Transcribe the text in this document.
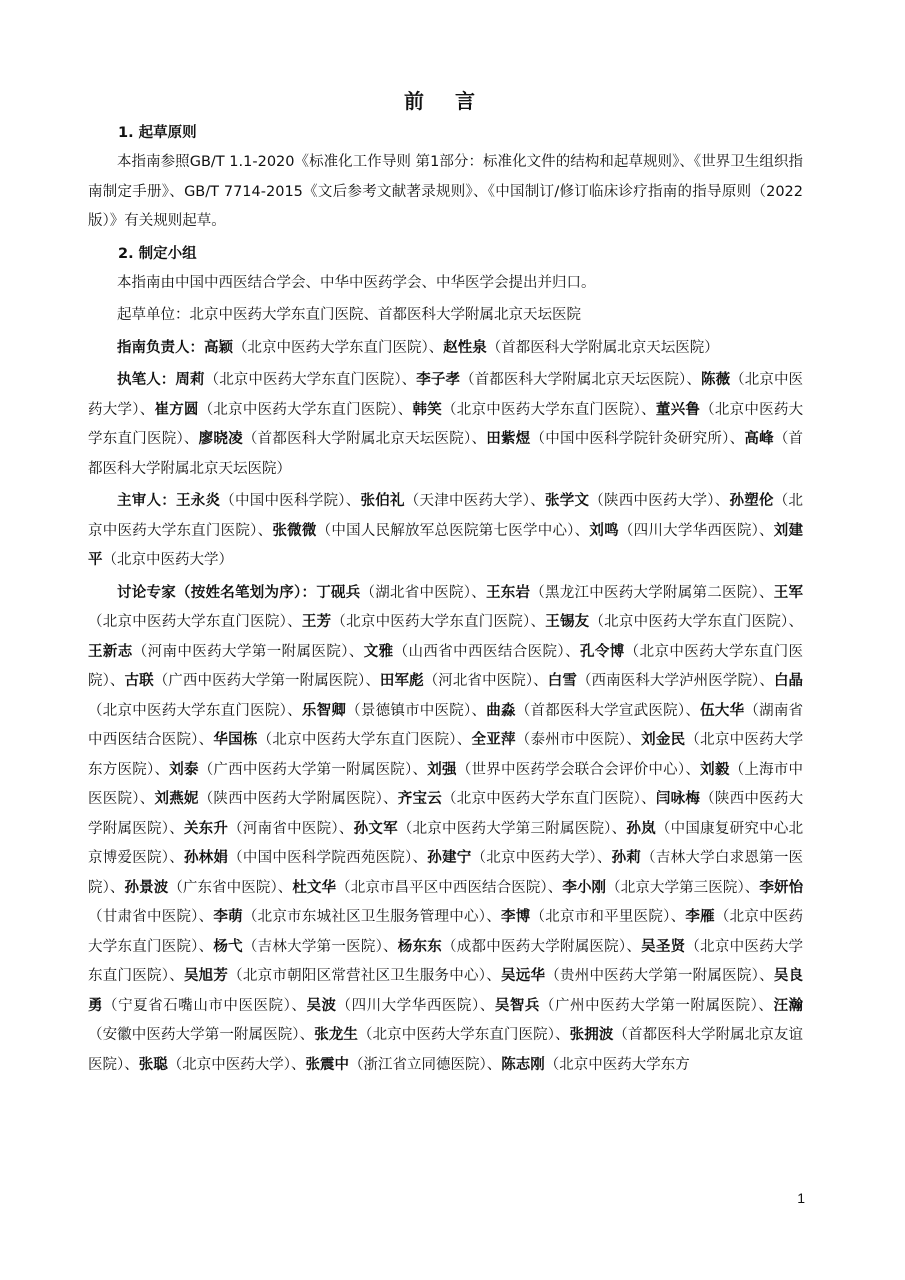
前 言
1. 起草原则

本指南参照GB/T 1.1-2020《标准化工作导则 第1部分：标准化文件的结构和起草规则》、《世界卫生组织指南制定手册》、GB/T 7714-2015《文后参考文献著录规则》、《中国制订/修订临床诊疗指南的指导原则（2022版）》有关规则起草。

2. 制定小组

本指南由中国中西医结合学会、中华中医药学会、中华医学会提出并归口。

起草单位：北京中医药大学东直门医院、首都医科大学附属北京天坛医院

指南负责人：高颖（北京中医药大学东直门医院）、赵性泉（首都医科大学附属北京天坛医院）

执笔人：周莉（北京中医药大学东直门医院）、李子孝（首都医科大学附属北京天坛医院）、陈薇（北京中医药大学）、崔方圆（北京中医药大学东直门医院）、韩笑（北京中医药大学东直门医院）、董兴鲁（北京中医药大学东直门医院）、廖晓凌（首都医科大学附属北京天坛医院）、田紫煜（中国中医科学院针灸研究所）、高峰（首都医科大学附属北京天坛医院）

主审人：王永炎（中国中医科学院）、张伯礼（天津中医药大学）、张学文（陕西中医药大学）、孙塑伦（北京中医药大学东直门医院）、张微微（中国人民解放军总医院第七医学中心）、刘鸣（四川大学华西医院）、刘建平（北京中医药大学）

讨论专家（按姓名笔划为序）：丁砚兵（湖北省中医院）、王东岩（黑龙江中医药大学附属第二医院）、王军（北京中医药大学东直门医院）、王芳（北京中医药大学东直门医院）、王锡友（北京中医药大学东直门医院）、王新志（河南中医药大学第一附属医院）、文雅（山西省中西医结合医院）、孔令博（北京中医药大学东直门医院）、古联（广西中医药大学第一附属医院）、田军彪（河北省中医院）、白雪（西南医科大学泸州医学院）、白晶（北京中医药大学东直门医院）、乐智卿（景德镇市中医院）、曲淼（首都医科大学宣武医院）、伍大华（湖南省中西医结合医院）、华国栋（北京中医药大学东直门医院）、全亚萍（泰州市中医院）、刘金民（北京中医药大学东方医院）、刘泰（广西中医药大学第一附属医院）、刘强（世界中医药学会联合会评价中心）、刘毅（上海市中医医院）、刘燕妮（陕西中医药大学附属医院）、齐宝云（北京中医药大学东直门医院）、闫咏梅（陕西中医药大学附属医院）、关东升（河南省中医院）、孙文军（北京中医药大学第三附属医院）、孙岚（中国康复研究中心北京博爱医院）、孙林娟（中国中医科学院西苑医院）、孙建宁（北京中医药大学）、孙莉（吉林大学白求恩第一医院）、孙景波（广东省中医院）、杜文华（北京市昌平区中西医结合医院）、李小刚（北京大学第三医院）、李妍怡（甘肃省中医院）、李萌（北京市东城社区卫生服务管理中心）、李博（北京市和平里医院）、李雁（北京中医药大学东直门医院）、杨弋（吉林大学第一医院）、杨东东（成都中医药大学附属医院）、吴圣贤（北京中医药大学东直门医院）、吴旭芳（北京市朝阳区常营社区卫生服务中心）、吴远华（贵州中医药大学第一附属医院）、吴良勇（宁夏省石嘴山市中医医院）、吴波（四川大学华西医院）、吴智兵（广州中医药大学第一附属医院）、汪瀚（安徽中医药大学第一附属医院）、张龙生（北京中医药大学东直门医院）、张拥波（首都医科大学附属北京友谊医院）、张聪（北京中医药大学）、张震中（浙江省立同德医院）、陈志刚（北京中医药大学东方

1
